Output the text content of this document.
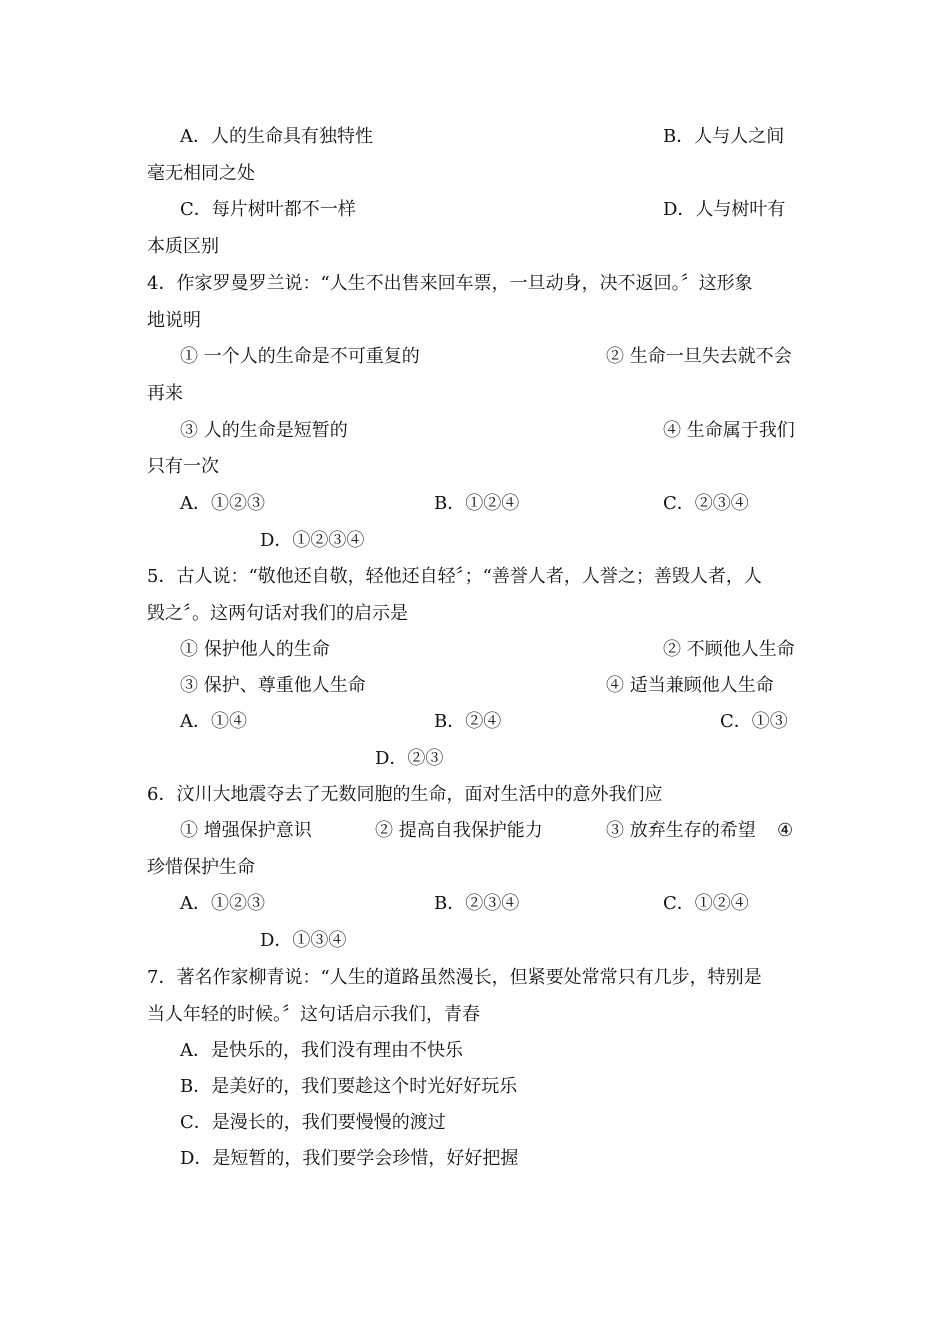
A．人的生命具有独特性	B．人与人之间
毫无相同之处
C．每片树叶都不一样	D．人与树叶有
本质区别
4．作家罗曼罗兰说：“人生不出售来回车票，一旦动身，决不返回。〞这形象
地说明
① 一个人的生命是不可重复的	② 生命一旦失去就不会
再来
③ 人的生命是短暂的	④ 生命属于我们
只有一次
A．①②③	B．①②④	C．②③④
D．①②③④
5．古人说：“敬他还自敬，轻他还自轻〞；“善誉人者，人誉之；善毁人者，人
毁之〞。这两句话对我们的启示是
① 保护他人的生命	② 不顾他人生命
③ 保护、尊重他人生命	④ 适当兼顾他人生命
A．①④	B．②④	C．①③
D．②③
6．汶川大地震夺去了无数同胞的生命，面对生活中的意外我们应
① 增强保护意识	② 提高自我保护能力	③ 放弃生存的希望 ④
珍惜保护生命
A．①②③	B．②③④	C．①②④
D．①③④
7．著名作家柳青说：“人生的道路虽然漫长，但紧要处常常只有几步，特别是
当人年轻的时候。〞这句话启示我们，青春
A．是快乐的，我们没有理由不快乐
B．是美好的，我们要趁这个时光好好玩乐
C．是漫长的，我们要慢慢的渡过
D．是短暂的，我们要学会珍惜，好好把握
